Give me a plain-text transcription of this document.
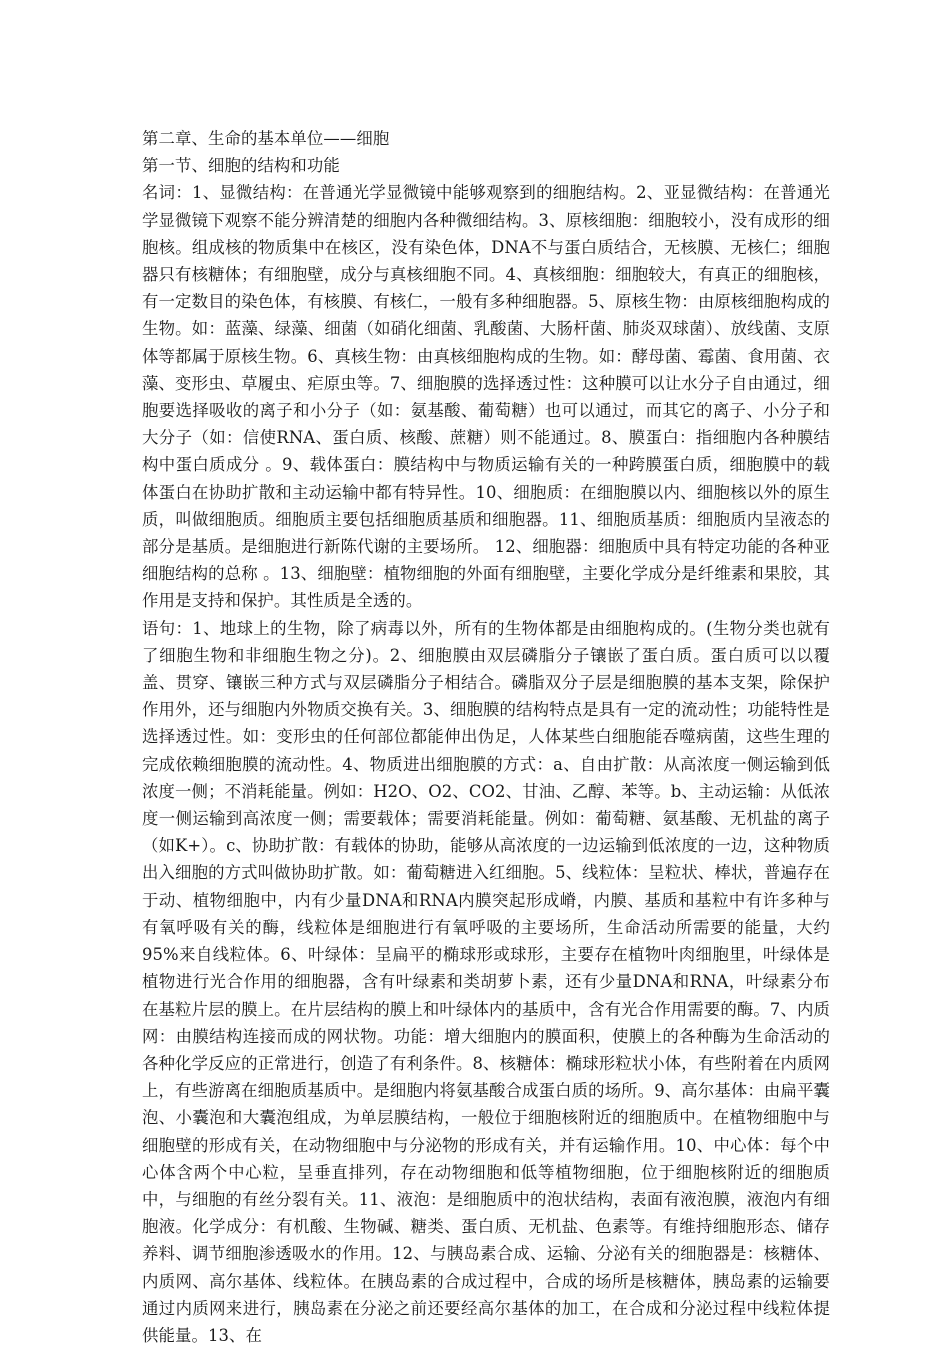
第二章、生命的基本单位——细胞

第一节、细胞的结构和功能

名词：1、显微结构：在普通光学显微镜中能够观察到的细胞结构。2、亚显微结构：在普通光学显微镜下观察不能分辨清楚的细胞内各种微细结构。3、原核细胞：细胞较小，没有成形的细胞核。组成核的物质集中在核区，没有染色体，DNA不与蛋白质结合，无核膜、无核仁；细胞器只有核糖体；有细胞壁，成分与真核细胞不同。4、真核细胞：细胞较大，有真正的细胞核，有一定数目的染色体，有核膜、有核仁，一般有多种细胞器。5、原核生物：由原核细胞构成的生物。如：蓝藻、绿藻、细菌（如硝化细菌、乳酸菌、大肠杆菌、肺炎双球菌）、放线菌、支原体等都属于原核生物。6、真核生物：由真核细胞构成的生物。如：酵母菌、霉菌、食用菌、衣藻、变形虫、草履虫、疟原虫等。7、细胞膜的选择透过性：这种膜可以让水分子自由通过，细胞要选择吸收的离子和小分子（如：氨基酸、葡萄糖）也可以通过，而其它的离子、小分子和大分子（如：信使RNA、蛋白质、核酸、蔗糖）则不能通过。8、膜蛋白：指细胞内各种膜结构中蛋白质成分 。9、载体蛋白：膜结构中与物质运输有关的一种跨膜蛋白质，细胞膜中的载体蛋白在协助扩散和主动运输中都有特异性。10、细胞质：在细胞膜以内、细胞核以外的原生质，叫做细胞质。细胞质主要包括细胞质基质和细胞器。11、细胞质基质：细胞质内呈液态的部分是基质。是细胞进行新陈代谢的主要场所。 12、细胞器：细胞质中具有特定功能的各种亚细胞结构的总称 。13、细胞壁：植物细胞的外面有细胞壁，主要化学成分是纤维素和果胶，其作用是支持和保护。其性质是全透的。

语句：1、地球上的生物，除了病毒以外，所有的生物体都是由细胞构成的。(生物分类也就有了细胞生物和非细胞生物之分)。2、细胞膜由双层磷脂分子镶嵌了蛋白质。蛋白质可以以覆盖、贯穿、镶嵌三种方式与双层磷脂分子相结合。磷脂双分子层是细胞膜的基本支架，除保护作用外，还与细胞内外物质交换有关。3、细胞膜的结构特点是具有一定的流动性；功能特性是选择透过性。如：变形虫的任何部位都能伸出伪足，人体某些白细胞能吞噬病菌，这些生理的完成依赖细胞膜的流动性。4、物质进出细胞膜的方式：a、自由扩散：从高浓度一侧运输到低浓度一侧；不消耗能量。例如：H2O、O2、CO2、甘油、乙醇、苯等。b、主动运输：从低浓度一侧运输到高浓度一侧；需要载体；需要消耗能量。例如：葡萄糖、氨基酸、无机盐的离子（如K+）。c、协助扩散：有载体的协助，能够从高浓度的一边运输到低浓度的一边，这种物质出入细胞的方式叫做协助扩散。如：葡萄糖进入红细胞。5、线粒体：呈粒状、棒状，普遍存在于动、植物细胞中，内有少量DNA和RNA内膜突起形成嵴，内膜、基质和基粒中有许多种与有氧呼吸有关的酶，线粒体是细胞进行有氧呼吸的主要场所，生命活动所需要的能量，大约95%来自线粒体。6、叶绿体：呈扁平的椭球形或球形，主要存在植物叶肉细胞里，叶绿体是植物进行光合作用的细胞器，含有叶绿素和类胡萝卜素，还有少量DNA和RNA，叶绿素分布在基粒片层的膜上。在片层结构的膜上和叶绿体内的基质中，含有光合作用需要的酶。7、内质网：由膜结构连接而成的网状物。功能：增大细胞内的膜面积，使膜上的各种酶为生命活动的各种化学反应的正常进行，创造了有利条件。8、核糖体：椭球形粒状小体，有些附着在内质网上，有些游离在细胞质基质中。是细胞内将氨基酸合成蛋白质的场所。9、高尔基体：由扁平囊泡、小囊泡和大囊泡组成，为单层膜结构，一般位于细胞核附近的细胞质中。在植物细胞中与细胞壁的形成有关，在动物细胞中与分泌物的形成有关，并有运输作用。10、中心体：每个中心体含两个中心粒，呈垂直排列，存在动物细胞和低等植物细胞，位于细胞核附近的细胞质中，与细胞的有丝分裂有关。11、液泡：是细胞质中的泡状结构，表面有液泡膜，液泡内有细胞液。化学成分：有机酸、生物碱、糖类、蛋白质、无机盐、色素等。有维持细胞形态、储存养料、调节细胞渗透吸水的作用。12、与胰岛素合成、运输、分泌有关的细胞器是：核糖体、内质网、高尔基体、线粒体。在胰岛素的合成过程中，合成的场所是核糖体，胰岛素的运输要通过内质网来进行，胰岛素在分泌之前还要经高尔基体的加工，在合成和分泌过程中线粒体提供能量。13、在
